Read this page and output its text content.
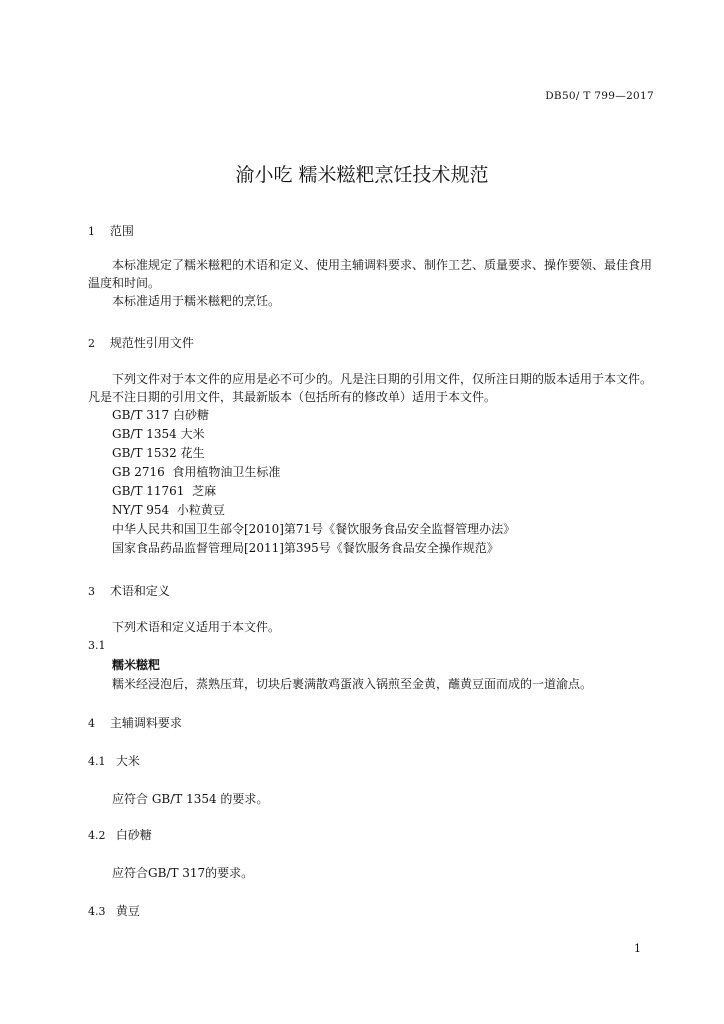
DB50/ T 799—2017
渝小吃 糯米糍粑烹饪技术规范
1 范围
本标准规定了糯米糍粑的术语和定义、使用主辅调料要求、制作工艺、质量要求、操作要领、最佳食用温度和时间。
本标准适用于糯米糍粑的烹饪。
2 规范性引用文件
下列文件对于本文件的应用是必不可少的。凡是注日期的引用文件，仅所注日期的版本适用于本文件。凡是不注日期的引用文件，其最新版本（包括所有的修改单）适用于本文件。
GB/T 317 白砂糖
GB/T 1354 大米
GB/T 1532 花生
GB 2716  食用植物油卫生标准
GB/T 11761  芝麻
NY/T 954  小粒黄豆
中华人民共和国卫生部令[2010]第71号《餐饮服务食品安全监督管理办法》
国家食品药品监督管理局[2011]第395号《餐饮服务食品安全操作规范》
3 术语和定义
下列术语和定义适用于本文件。
3.1
糯米糍粑
糯米经浸泡后，蒸熟压茸，切块后裹满散鸡蛋液入锅煎至金黄，蘸黄豆面而成的一道渝点。
4 主辅调料要求
4.1 大米
应符合 GB/T 1354 的要求。
4.2 白砂糖
应符合GB/T 317的要求。
4.3 黄豆
1
